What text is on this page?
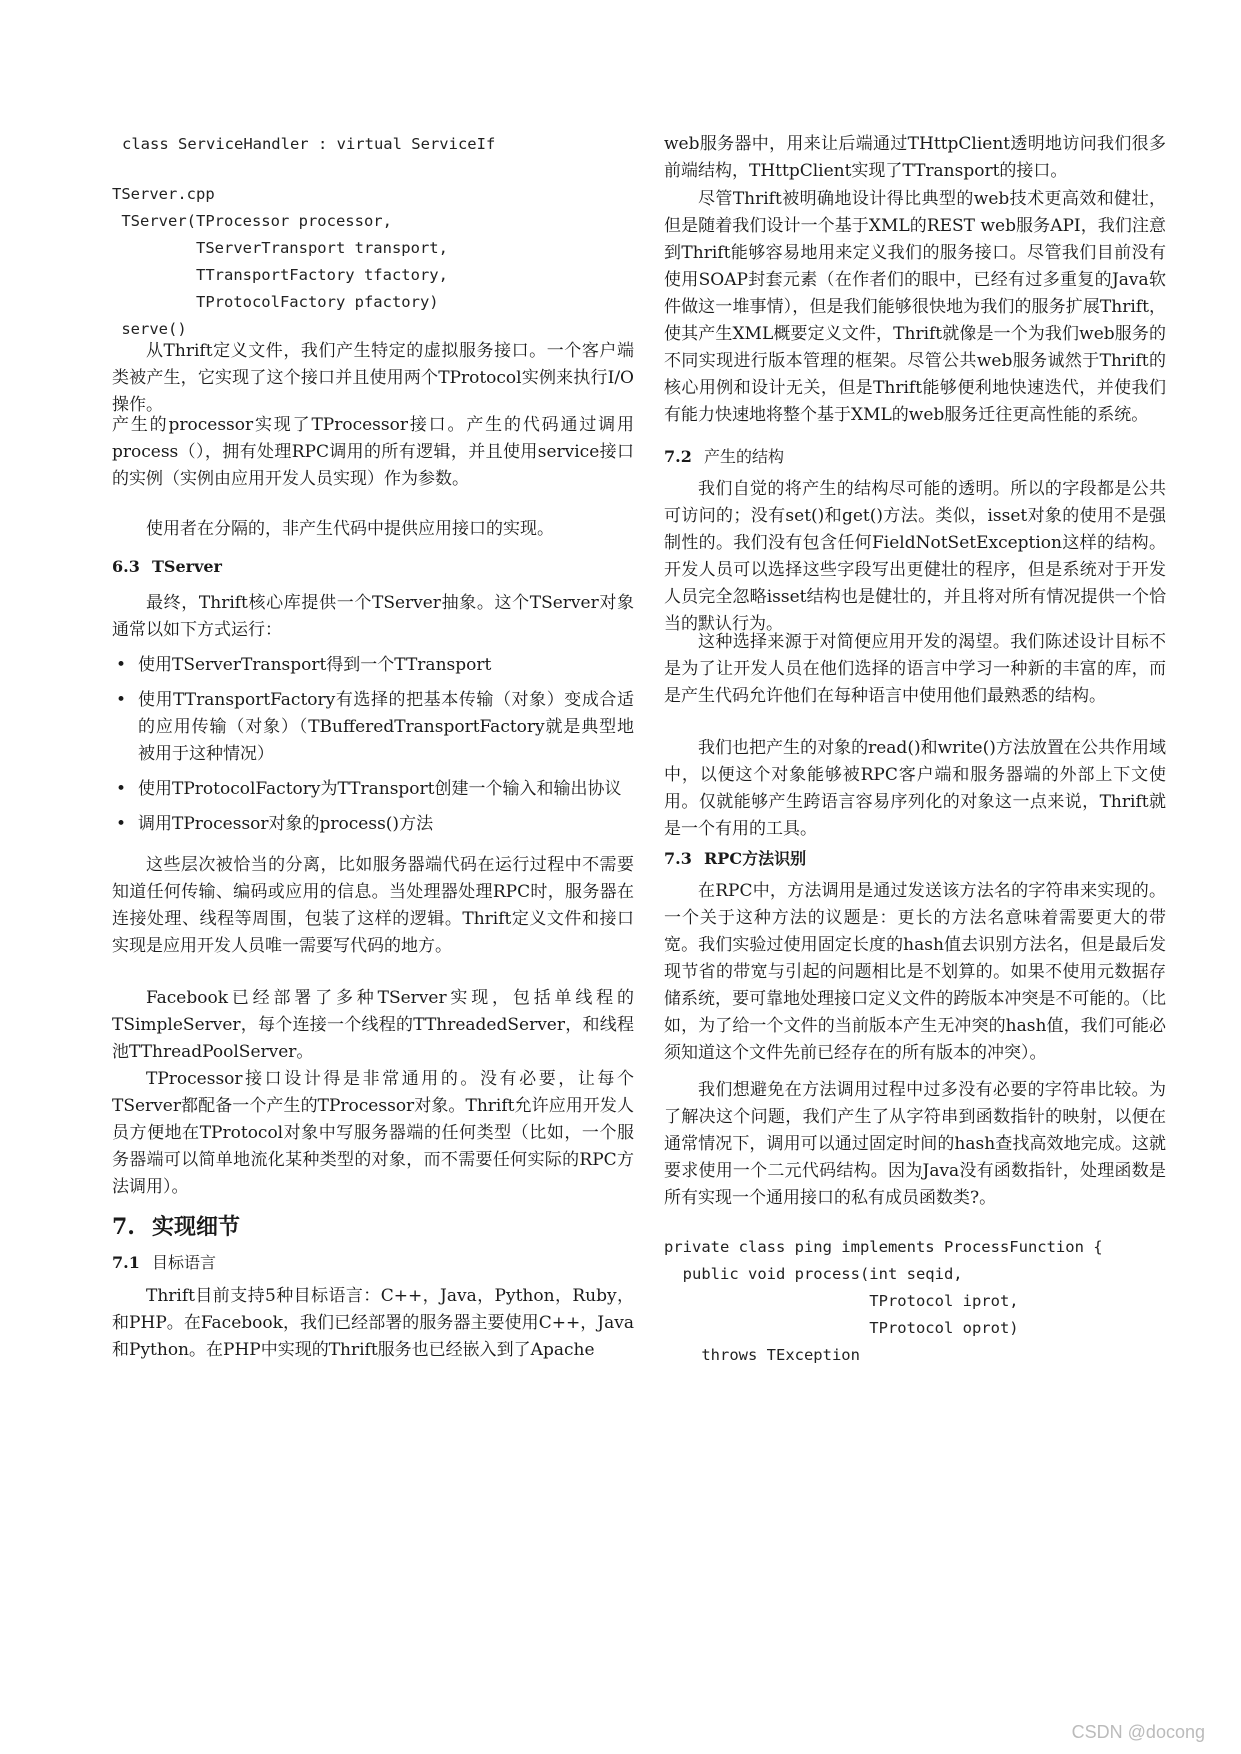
class ServiceHandler : virtual ServiceIf
TServer.cpp
TServer(TProcessor processor,
TServerTransport transport,
TTransportFactory tfactory,
TProtocolFactory pfactory)
serve()

从Thrift定义文件，我们产生特定的虚拟服务接口。一个客户端类被产生，它实现了这个接口并且使用两个TProtocol实例来执行I/O操作。

产生的processor实现了TProcessor接口。产生的代码通过调用process（），拥有处理RPC调用的所有逻辑，并且使用service接口的实例（实例由应用开发人员实现）作为参数。

使用者在分隔的，非产生代码中提供应用接口的实现。

6.3 TServer

最终，Thrift核心库提供一个TServer抽象。这个TServer对象通常以如下方式运行：

• 使用TServerTransport得到一个TTransport
• 使用TTransportFactory有选择的把基本传输（对象）变成合适的应用传输（对象）（TBufferedTransportFactory就是典型地被用于这种情况）
• 使用TProtocolFactory为TTransport创建一个输入和输出协议
• 调用TProcessor对象的process()方法

这些层次被恰当的分离，比如服务器端代码在运行过程中不需要知道任何传输、编码或应用的信息。当处理器处理RPC时，服务器在连接处理、线程等周围，包装了这样的逻辑。Thrift定义文件和接口实现是应用开发人员唯一需要写代码的地方。

Facebook已经部署了多种TServer实现，包括单线程的TSimpleServer，每个连接一个线程的TThreadedServer，和线程池TThreadPoolServer。

TProcessor接口设计得是非常通用的。没有必要，让每个TServer都配备一个产生的TProcessor对象。Thrift允许应用开发人员方便地在TProtocol对象中写服务器端的任何类型（比如，一个服务器端可以简单地流化某种类型的对象，而不需要任何实际的RPC方法调用）。

7. 实现细节
7.1 目标语言

Thrift目前支持5种目标语言：C++，Java，Python，Ruby，和PHP。在Facebook，我们已经部署的服务器主要使用C++，Java和Python。在PHP中实现的Thrift服务也已经嵌入到了Apache

web服务器中，用来让后端通过THttpClient透明地访问我们很多前端结构，THttpClient实现了TTransport的接口。

尽管Thrift被明确地设计得比典型的web技术更高效和健壮，但是随着我们设计一个基于XML的REST web服务API，我们注意到Thrift能够容易地用来定义我们的服务接口。尽管我们目前没有使用SOAP封套元素（在作者们的眼中，已经有过多重复的Java软件做这一堆事情），但是我们能够很快地为我们的服务扩展Thrift，使其产生XML概要定义文件，Thrift就像是一个为我们web服务的不同实现进行版本管理的框架。尽管公共web服务诚然于Thrift的核心用例和设计无关，但是Thrift能够便利地快速迭代，并使我们有能力快速地将整个基于XML的web服务迁往更高性能的系统。

7.2 产生的结构

我们自觉的将产生的结构尽可能的透明。所以的字段都是公共可访问的；没有set()和get()方法。类似，isset对象的使用不是强制性的。我们没有包含任何FieldNotSetException这样的结构。开发人员可以选择这些字段写出更健壮的程序，但是系统对于开发人员完全忽略isset结构也是健壮的，并且将对所有情况提供一个恰当的默认行为。

这种选择来源于对简便应用开发的渴望。我们陈述设计目标不是为了让开发人员在他们选择的语言中学习一种新的丰富的库，而是产生代码允许他们在每种语言中使用他们最熟悉的结构。

我们也把产生的对象的read()和write()方法放置在公共作用域中，以便这个对象能够被RPC客户端和服务器端的外部上下文使用。仅就能够产生跨语言容易序列化的对象这一点来说，Thrift就是一个有用的工具。

7.3 RPC方法识别

在RPC中，方法调用是通过发送该方法名的字符串来实现的。一个关于这种方法的议题是：更长的方法名意味着需要更大的带宽。我们实验过使用固定长度的hash值去识别方法名，但是最后发现节省的带宽与引起的问题相比是不划算的。如果不使用元数据存储系统，要可靠地处理接口定义文件的跨版本冲突是不可能的。（比如，为了给一个文件的当前版本产生无冲突的hash值，我们可能必须知道这个文件先前已经存在的所有版本的冲突）。

我们想避免在方法调用过程中过多没有必要的字符串比较。为了解决这个问题，我们产生了从字符串到函数指针的映射，以便在通常情况下，调用可以通过固定时间的hash查找高效地完成。这就要求使用一个二元代码结构。因为Java没有函数指针，处理函数是所有实现一个通用接口的私有成员函数类?。

private class ping implements ProcessFunction {
public void process(int seqid,
TProtocol iprot,
TProtocol oprot)
throws TException
CSDN @docong
